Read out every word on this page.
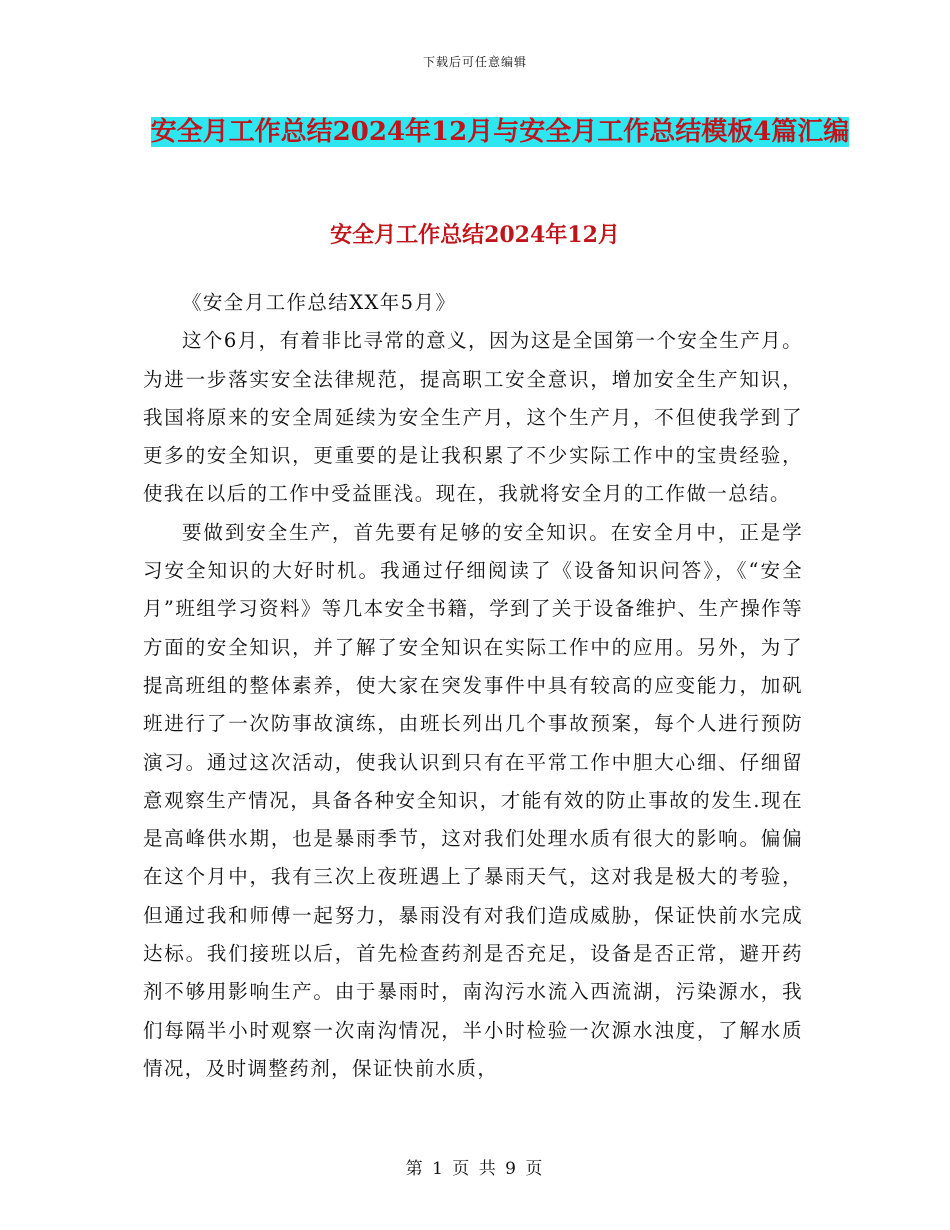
下载后可任意编辑
安全月工作总结2024年12月与安全月工作总结模板4篇汇编
安全月工作总结2024年12月

《安全月工作总结XX年5月》

这个6月，有着非比寻常的意义，因为这是全国第一个安全生产月。为进一步落实安全法律规范，提高职工安全意识，增加安全生产知识，我国将原来的安全周延续为安全生产月，这个生产月，不但使我学到了更多的安全知识，更重要的是让我积累了不少实际工作中的宝贵经验，使我在以后的工作中受益匪浅。现在，我就将安全月的工作做一总结。

要做到安全生产，首先要有足够的安全知识。在安全月中，正是学习安全知识的大好时机。我通过仔细阅读了《设备知识问答》，《“安全月”班组学习资料》等几本安全书籍，学到了关于设备维护、生产操作等方面的安全知识，并了解了安全知识在实际工作中的应用。另外，为了提高班组的整体素养，使大家在突发事件中具有较高的应变能力，加矾班进行了一次防事故演练，由班长列出几个事故预案，每个人进行预防演习。通过这次活动，使我认识到只有在平常工作中胆大心细、仔细留意观察生产情况，具备各种安全知识，才能有效的防止事故的发生.现在是高峰供水期，也是暴雨季节，这对我们处理水质有很大的影响。偏偏在这个月中，我有三次上夜班遇上了暴雨天气，这对我是极大的考验，但通过我和师傅一起努力，暴雨没有对我们造成威胁，保证快前水完成达标。我们接班以后，首先检查药剂是否充足，设备是否正常，避开药剂不够用影响生产。由于暴雨时，南沟污水流入西流湖，污染源水，我们每隔半小时观察一次南沟情况，半小时检验一次源水浊度，了解水质情况，及时调整药剂，保证快前水质，

第 1 页 共 9 页
